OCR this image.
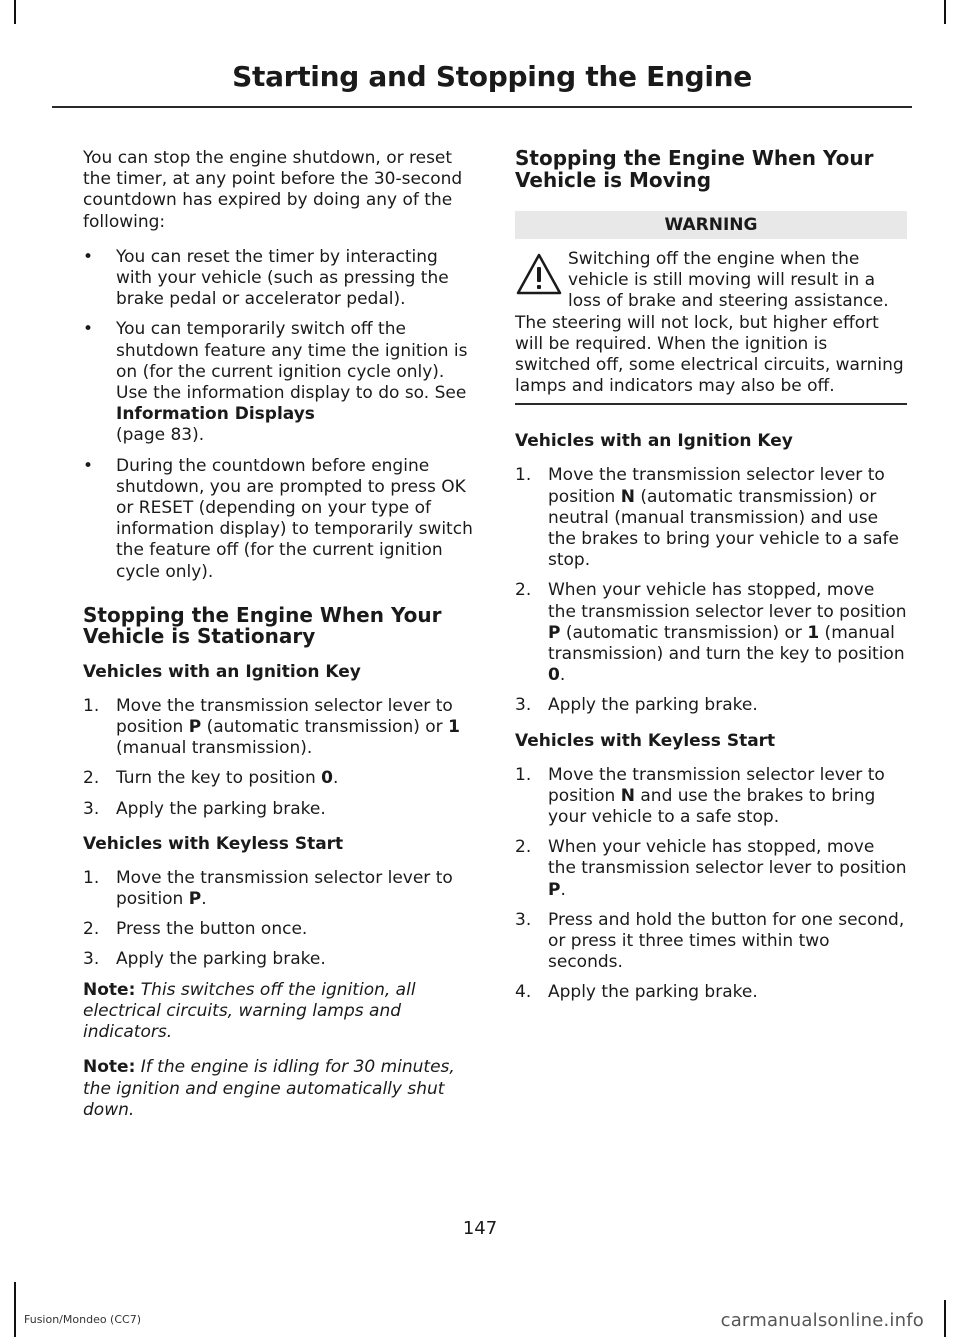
Starting and Stopping the Engine

You can stop the engine shutdown, or reset the timer, at any point before the 30-second countdown has expired by doing any of the following:

• You can reset the timer by interacting with your vehicle (such as pressing the brake pedal or accelerator pedal).
• You can temporarily switch off the shutdown feature any time the ignition is on (for the current ignition cycle only). Use the information display to do so. See Information Displays
(page 83).
• During the countdown before engine shutdown, you are prompted to press OK or RESET (depending on your type of information display) to temporarily switch the feature off (for the current ignition cycle only).
Stopping the Engine When Your Vehicle is Stationary
Vehicles with an Ignition Key
1. Move the transmission selector lever to position P (automatic transmission) or 1 (manual transmission).
2. Turn the key to position 0.
3. Apply the parking brake.
Vehicles with Keyless Start
1. Move the transmission selector lever to position P.
2. Press the button once.
3. Apply the parking brake.

Note: This switches off the ignition, all electrical circuits, warning lamps and indicators.

Note: If the engine is idling for 30 minutes, the ignition and engine automatically shut down.

Stopping the Engine When Your Vehicle is Moving
WARNING
Switching off the engine when the vehicle is still moving will result in a loss of brake and steering assistance. The steering will not lock, but higher effort will be required. When the ignition is switched off, some electrical circuits, warning lamps and indicators may also be off.
Vehicles with an Ignition Key
1. Move the transmission selector lever to position N (automatic transmission) or neutral (manual transmission) and use the brakes to bring your vehicle to a safe stop.
2. When your vehicle has stopped, move the transmission selector lever to position P (automatic transmission) or 1 (manual transmission) and turn the key to position 0.
3. Apply the parking brake.
Vehicles with Keyless Start
1. Move the transmission selector lever to position N and use the brakes to bring your vehicle to a safe stop.
2. When your vehicle has stopped, move the transmission selector lever to position P.
3. Press and hold the button for one second, or press it three times within two seconds.
4. Apply the parking brake.
147
Fusion/Mondeo (CC7)	carmanualsonline.info
